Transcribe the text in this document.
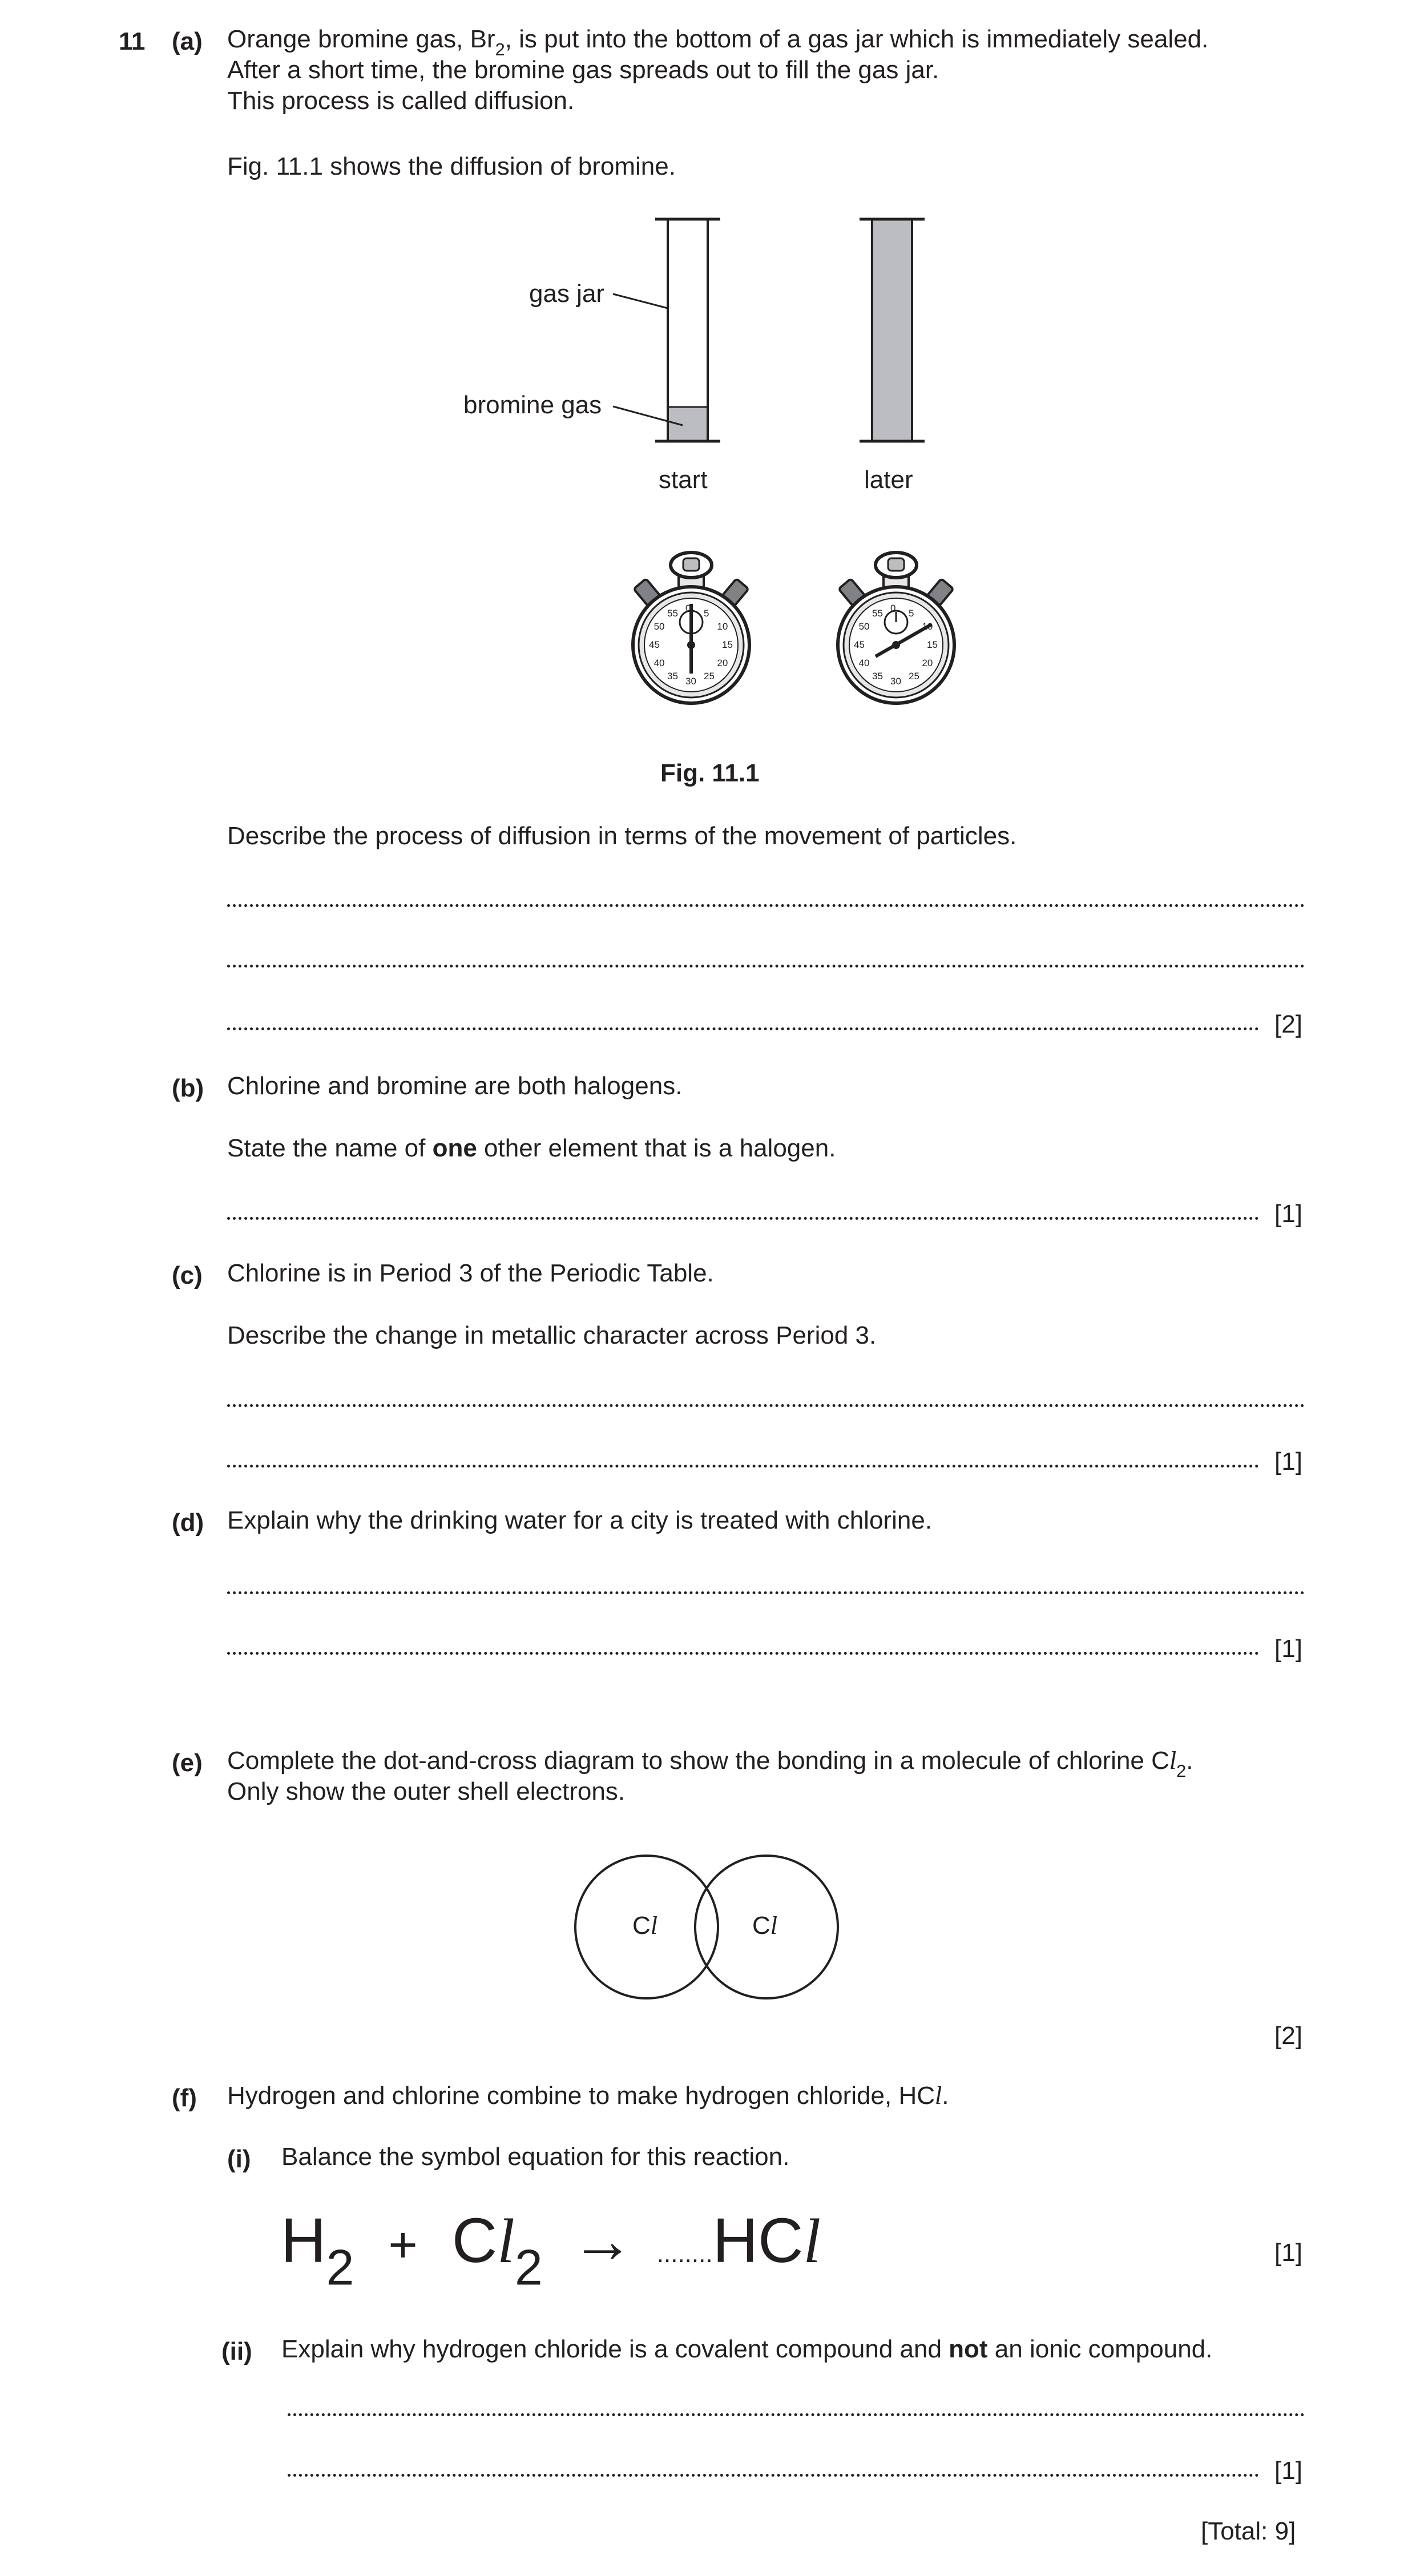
11 (a) Orange bromine gas, $Br_2$, is put into the bottom of a gas jar which is immediately sealed.
After a short time, the bromine gas spreads out to fill the gas jar.
This process is called diffusion.
Fig. 11.1 shows the diffusion of bromine.
55 0 5
10
15
20
25
30
35
40
45
50
55 0 5
10
15
20
25
30
35
40
45
50
gas jar
bromine gas
start	later
Fig. 11.1
Describe the process of diffusion in terms of the movement of particles.
[2]
(b) Chlorine and bromine are both halogens.
State the name of one other element that is a halogen.
[1]
(c) Chlorine is in Period 3 of the Periodic Table.
Describe the change in metallic character across Period 3.
[1]
(d) Explain why the drinking water for a city is treated with chlorine.
[1]
(e) Complete the dot-and-cross diagram to show the bonding in a molecule of chlorine $Cl_2$.
Only show the outer shell electrons.
Cl	Cl
[2]
(f) Hydrogen and chlorine combine to make hydrogen chloride, HCl.
(i) Balance the symbol equation for this reaction.
$H_2 + Cl_2 \to ........HCl$	[1]
(ii) Explain why hydrogen chloride is a covalent compound and not an ionic compound.
[1]
[Total: 9]
